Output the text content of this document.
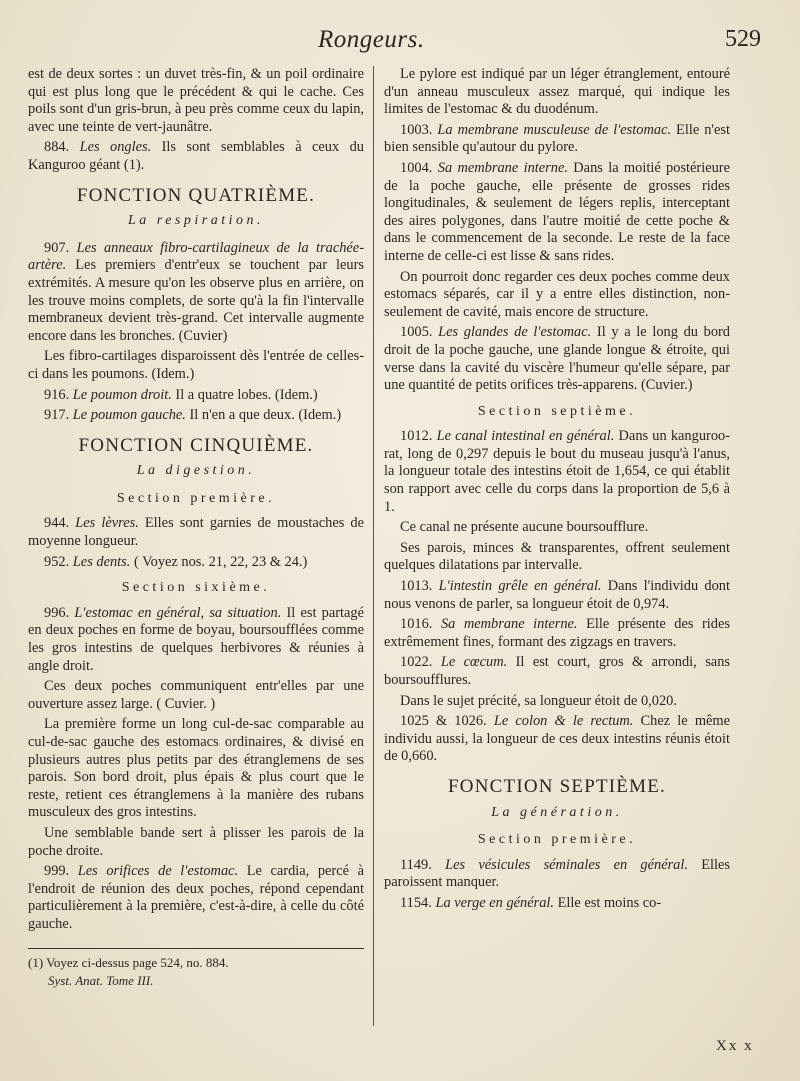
Rongeurs.	529

est de deux sortes : un duvet très-fin, & un poil ordinaire qui est plus long que le précédent & qui le cache. Ces poils sont d'un gris-brun, à peu près comme ceux du lapin, avec une teinte de vert-jaunâtre.

884. Les ongles. Ils sont semblables à ceux du Kanguroo géant (1).

FONCTION QUATRIÈME.
La respiration.

907. Les anneaux fibro-cartilagineux de la trachée-artère. Les premiers d'entr'eux se touchent par leurs extrémités. A mesure qu'on les observe plus en arrière, on les trouve moins complets, de sorte qu'à la fin l'intervalle membraneux devient très-grand. Cet intervalle augmente encore dans les bronches. (Cuvier)

Les fibro-cartilages disparoissent dès l'entrée de celles-ci dans les poumons. (Idem.)

916. Le poumon droit. Il a quatre lobes. (Idem.)

917. Le poumon gauche. Il n'en a que deux. (Idem.)

FONCTION CINQUIÈME.
La digestion.
Section première.

944. Les lèvres. Elles sont garnies de moustaches de moyenne longueur.

952. Les dents. ( Voyez nos. 21, 22, 23 & 24.)

Section sixième.

996. L'estomac en général, sa situation. Il est partagé en deux poches en forme de boyau, boursoufflées comme les gros intestins de quelques herbivores & réunies à angle droit.

Ces deux poches communiquent entr'elles par une ouverture assez large. ( Cuvier. )

La première forme un long cul-de-sac comparable au cul-de-sac gauche des estomacs ordinaires, & divisé en plusieurs autres plus petits par des étranglemens de ses parois. Son bord droit, plus épais & plus court que le reste, retient ces étranglemens à la manière des rubans musculeux des gros intestins.

Une semblable bande sert à plisser les parois de la poche droite.

999. Les orifices de l'estomac. Le cardia, percé à l'endroit de réunion des deux poches, répond cependant particulièrement à la première, c'est-à-dire, à celle du côté gauche.

(1) Voyez ci-dessus page 524, no. 884.

Syst. Anat. Tome III.

Le pylore est indiqué par un léger étranglement, entouré d'un anneau musculeux assez marqué, qui indique les limites de l'estomac & du duodénum.

1003. La membrane musculeuse de l'estomac. Elle n'est bien sensible qu'autour du pylore.

1004. Sa membrane interne. Dans la moitié postérieure de la poche gauche, elle présente de grosses rides longitudinales, & seulement de légers replis, interceptant des aires polygones, dans l'autre moitié de cette poche & dans le commencement de la seconde. Le reste de la face interne de celle-ci est lisse & sans rides.

On pourroit donc regarder ces deux poches comme deux estomacs séparés, car il y a entre elles distinction, non-seulement de cavité, mais encore de structure.

1005. Les glandes de l'estomac. Il y a le long du bord droit de la poche gauche, une glande longue & étroite, qui verse dans la cavité du viscère l'humeur qu'elle sépare, par une quantité de petits orifices très-apparens. (Cuvier.)

Section septième.

1012. Le canal intestinal en général. Dans un kanguroo-rat, long de 0,297 depuis le bout du museau jusqu'à l'anus, la longueur totale des intestins étoit de 1,654, ce qui établit son rapport avec celle du corps dans la proportion de 5,6 à 1.

Ce canal ne présente aucune boursoufflure.

Ses parois, minces & transparentes, offrent seulement quelques dilatations par intervalle.

1013. L'intestin grêle en général. Dans l'individu dont nous venons de parler, sa longueur étoit de 0,974.

1016. Sa membrane interne. Elle présente des rides extrêmement fines, formant des zigzags en travers.

1022. Le cœcum. Il est court, gros & arrondi, sans boursoufflures.

Dans le sujet précité, sa longueur étoit de 0,020.

1025 & 1026. Le colon & le rectum. Chez le même individu aussi, la longueur de ces deux intestins réunis étoit de 0,660.

FONCTION SEPTIÈME.
La génération.
Section première.

1149. Les vésicules séminales en général. Elles paroissent manquer.

1154. La verge en général. Elle est moins co-

Xx x
